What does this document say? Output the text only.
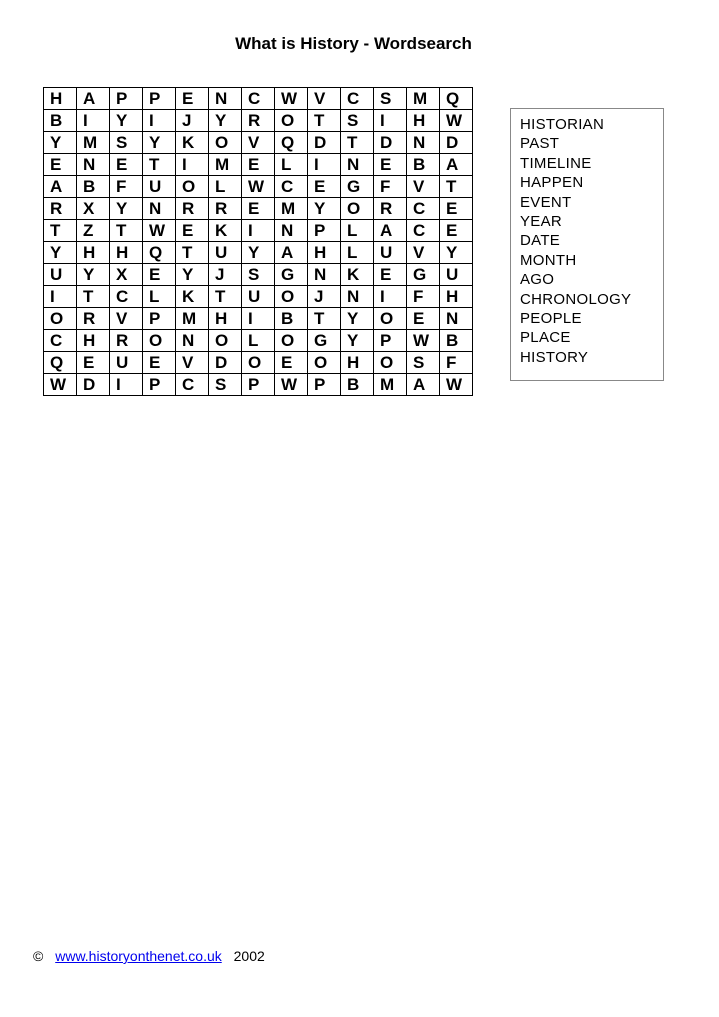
What is History - Wordsearch
H	A	P	P	E	N	C	W	V	C	S	M	Q
B	I	Y	I	J	Y	R	O	T	S	I	H	W
Y	M	S	Y	K	O	V	Q	D	T	D	N	D
E	N	E	T	I	M	E	L	I	N	E	B	A
A	B	F	U	O	L	W	C	E	G	F	V	T
R	X	Y	N	R	R	E	M	Y	O	R	C	E
T	Z	T	W	E	K	I	N	P	L	A	C	E
Y	H	H	Q	T	U	Y	A	H	L	U	V	Y
U	Y	X	E	Y	J	S	G	N	K	E	G	U
I	T	C	L	K	T	U	O	J	N	I	F	H
O	R	V	P	M	H	I	B	T	Y	O	E	N
C	H	R	O	N	O	L	O	G	Y	P	W	B
Q	E	U	E	V	D	O	E	O	H	O	S	F
W	D	I	P	C	S	P	W	P	B	M	A	W
HISTORIAN
PAST
TIMELINE
HAPPEN
EVENT
YEAR
DATE
MONTH
AGO
CHRONOLOGY
PEOPLE
PLACE
HISTORY
© www.historyonthenet.co.uk 2002
